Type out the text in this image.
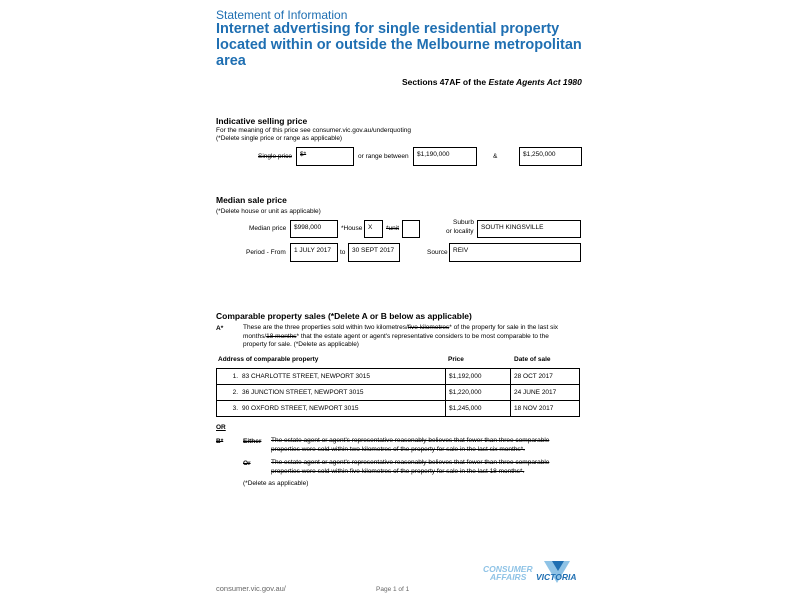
Statement of Information
Internet advertising for single residential property located within or outside the Melbourne metropolitan area
Sections 47AF of the Estate Agents Act 1980
Indicative selling price
For the meaning of this price see consumer.vic.gov.au/underquoting
(*Delete single price or range as applicable)
Single price	$*	or range between	$1,190,000	&	$1,250,000
Median sale price
(*Delete house or unit as applicable)
Median price	$998,000	*House X	*unit
Suburb
or locality
SOUTH KINGSVILLE
Period - From	1 JULY 2017	to	30 SEPT 2017	Source REIV
Comparable property sales (*Delete A or B below as applicable)
A*	These are the three properties sold within two kilometres/five kilometres* of the property for sale in the last six
months/18 months* that the estate agent or agent's representative considers to be most comparable to the
property for sale. (*Delete as applicable)
Address of comparable property	Price	Date of sale
1. 83 CHARLOTTE STREET, NEWPORT 3015	$1,192,000	28 OCT 2017
2. 36 JUNCTION STREET, NEWPORT 3015	$1,220,000	24 JUNE 2017
3. 90 OXFORD STREET, NEWPORT 3015	$1,245,000	18 NOV 2017
OR
B*	Either The estate agent or agent's representative reasonably believes that fewer than three comparable
properties were sold within two kilometres of the property for sale in the last six months*.
Or	The estate agent or agent's representative reasonably believes that fewer than three comparable
properties were sold within five kilometres of the property for sale in the last 18 months*.
(*Delete as applicable)
CONSUMER
AFFAIRS VICTORIA
consumer.vic.gov.au/	Page 1 of 1
